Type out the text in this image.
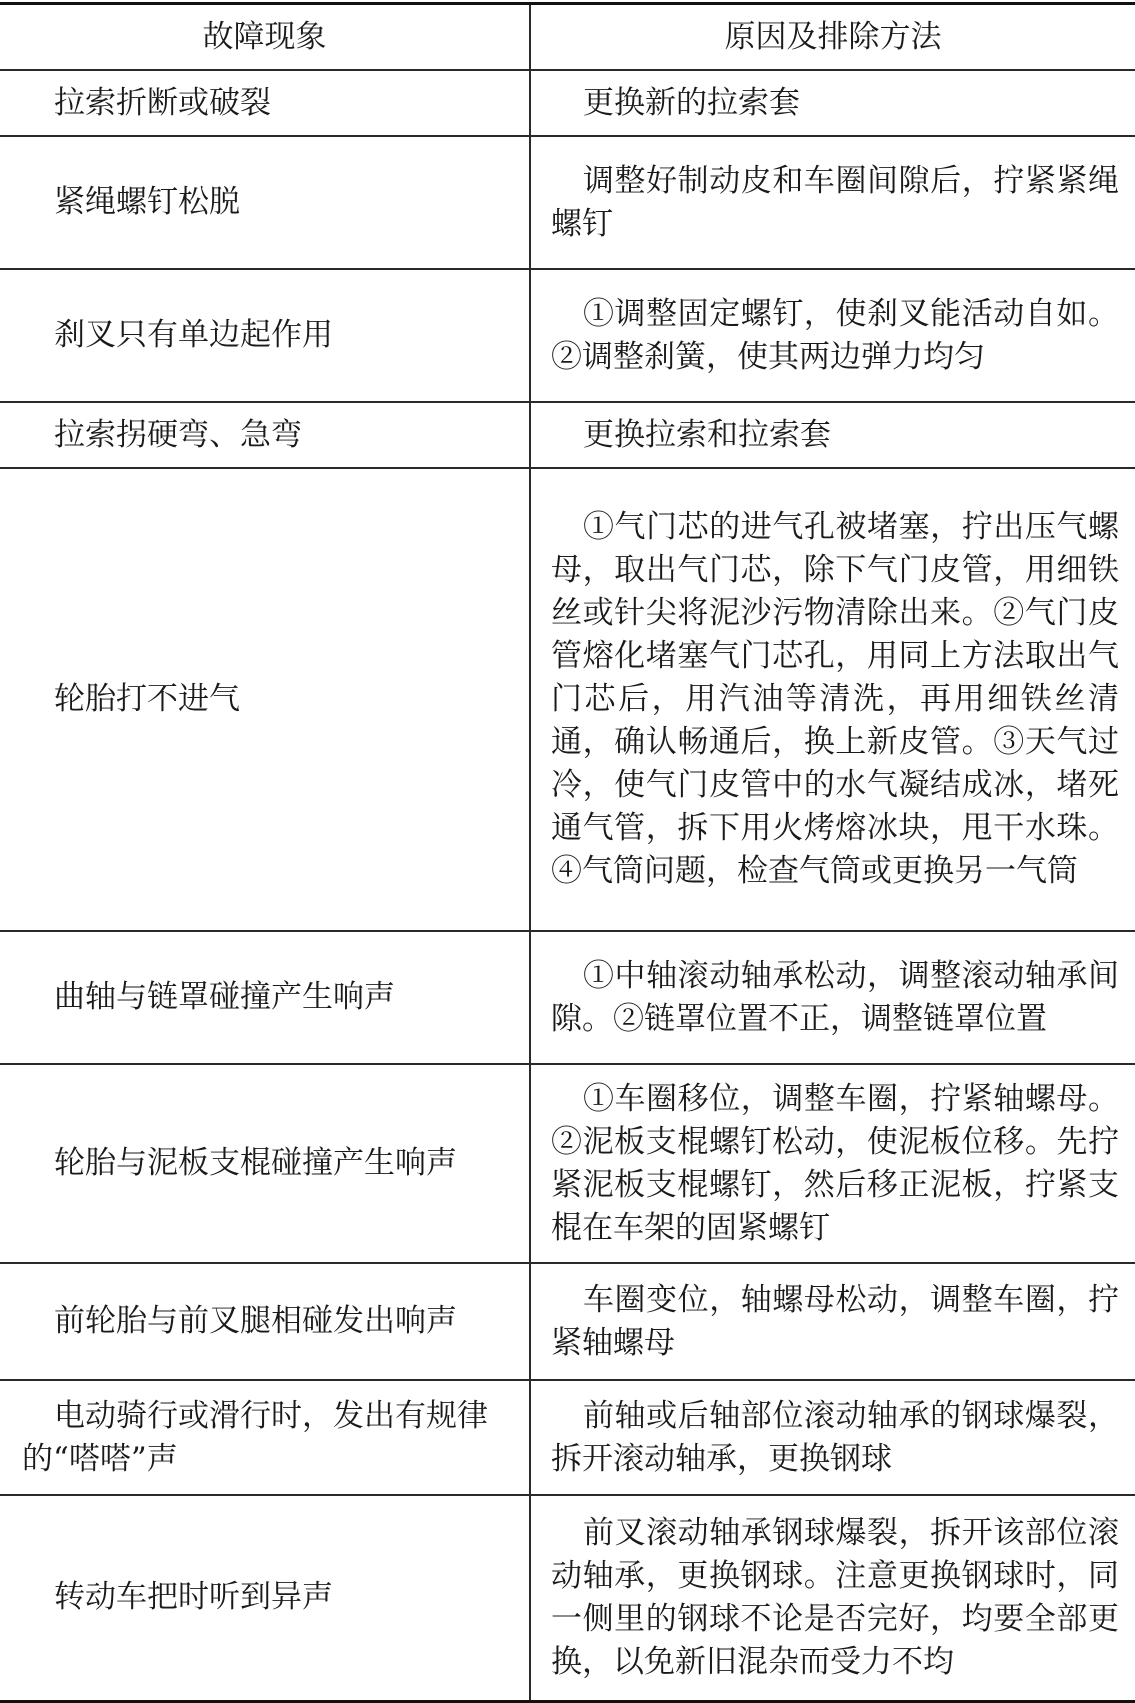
故障现象	原因及排除方法
拉索折断或破裂	更换新的拉索套
紧绳螺钉松脱	调整好制动皮和车圈间隙后，拧紧紧绳螺钉
刹叉只有单边起作用	①调整固定螺钉，使刹叉能活动自如。②调整刹簧，使其两边弹力均匀
拉索拐硬弯、急弯	更换拉索和拉索套
轮胎打不进气	①气门芯的进气孔被堵塞，拧出压气螺母，取出气门芯，除下气门皮管，用细铁丝或针尖将泥沙污物清除出来。②气门皮管熔化堵塞气门芯孔，用同上方法取出气门芯后，用汽油等清洗，再用细铁丝清通，确认畅通后，换上新皮管。③天气过冷，使气门皮管中的水气凝结成冰，堵死通气管，拆下用火烤熔冰块，甩干水珠。④气筒问题，检查气筒或更换另一气筒
曲轴与链罩碰撞产生响声	①中轴滚动轴承松动，调整滚动轴承间隙。②链罩位置不正，调整链罩位置
轮胎与泥板支棍碰撞产生响声	①车圈移位，调整车圈，拧紧轴螺母。②泥板支棍螺钉松动，使泥板位移。先拧紧泥板支棍螺钉，然后移正泥板，拧紧支棍在车架的固紧螺钉
前轮胎与前叉腿相碰发出响声	车圈变位，轴螺母松动，调整车圈，拧紧轴螺母
电动骑行或滑行时，发出有规律的“嗒嗒”声	前轴或后轴部位滚动轴承的钢球爆裂，拆开滚动轴承，更换钢球
转动车把时听到异声	前叉滚动轴承钢球爆裂，拆开该部位滚动轴承，更换钢球。注意更换钢球时，同一侧里的钢球不论是否完好，均要全部更换，以免新旧混杂而受力不均
